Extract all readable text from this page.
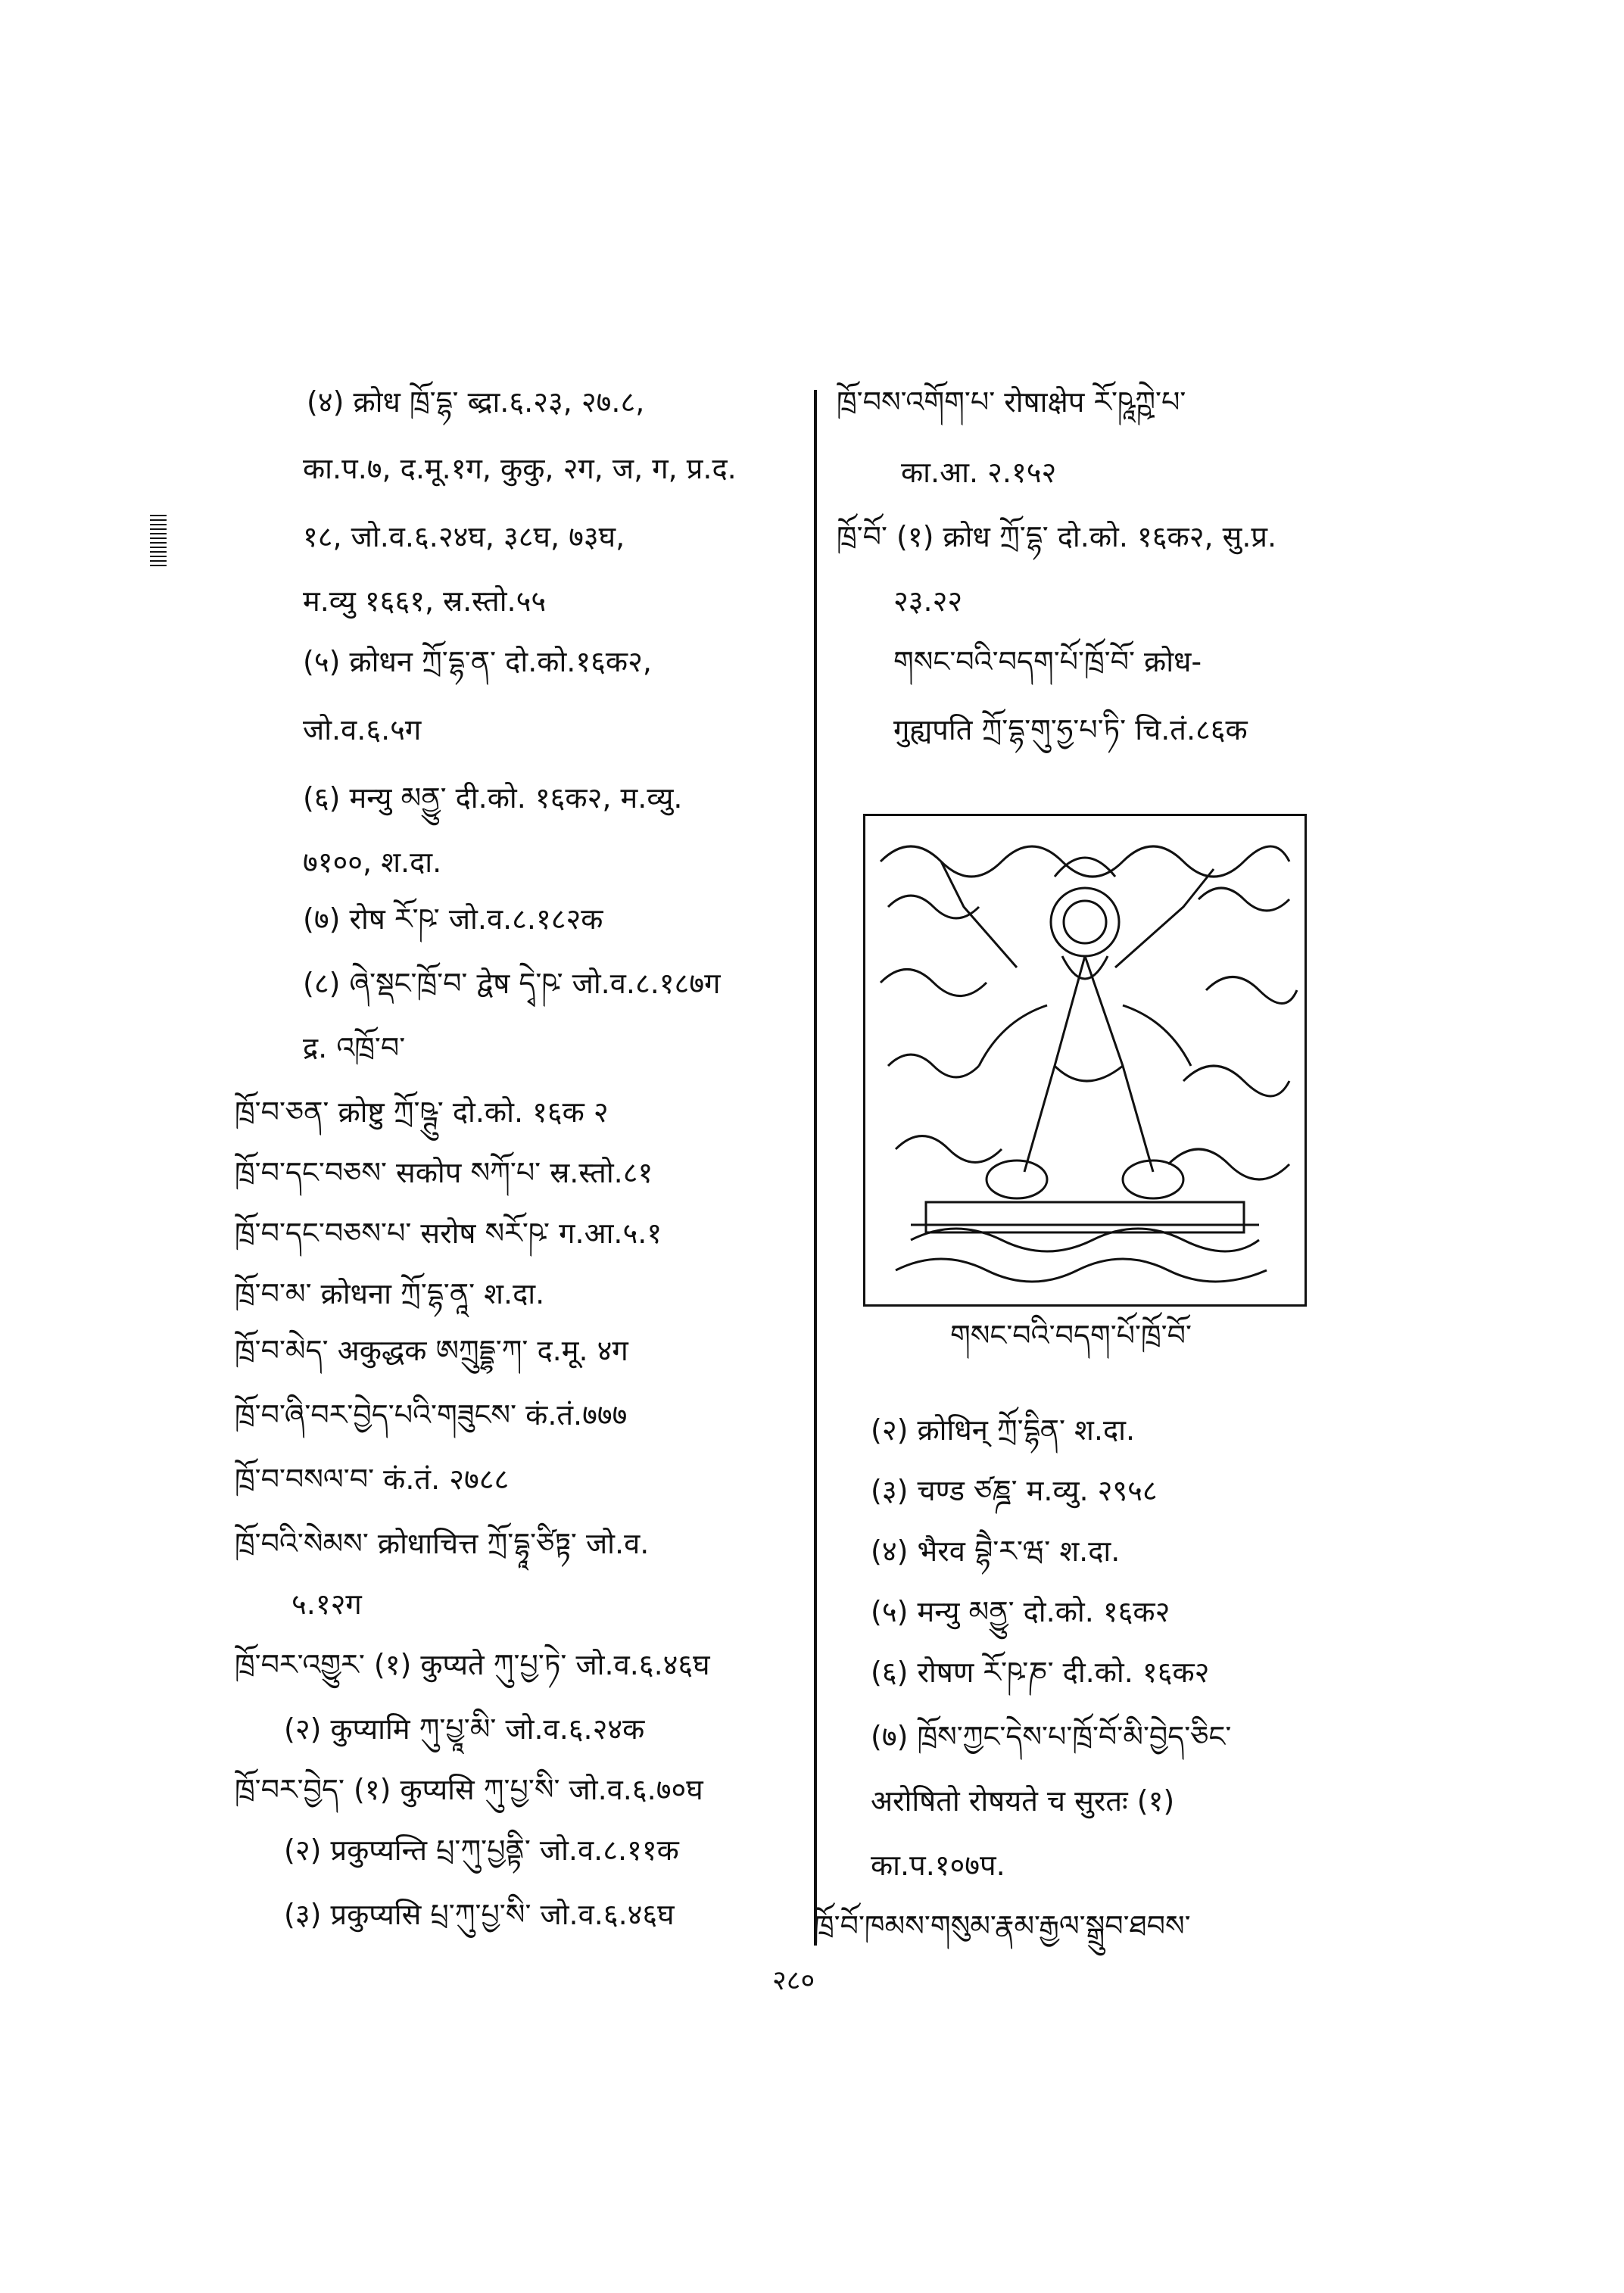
(४) क्रोध ཁྲོ་དྷ་ ब्द्रा.६.२३, २७.८,
का.प.७, द.मू.१ग, कुकु, २ग, ज, ग, प्र.द.
१८, जो.व.६.२४घ, ३८घ, ७३घ,
म.व्यु १६६१, स्र.स्तो.५५
(५) क्रोधन ཀྲོ་དྷ་ན་ दो.को.१६क२,
जो.व.६.५ग
(६) मन्यु མནྱུ་ दी.को. १६क२, म.व्यु.
७१००, श.दा.
(७) रोष རོ་ཥ་ जो.व.८.१८२क
(८) ཞེ་སྡང་ཁྲོ་བ་ द्वेष དྭེ་ཥ་ जो.व.८.१८७ग
द्र. འཁྲོ་བ་
ཁྲོ་བ་ཅན་ क्रोष्टु ཀྲོ་ཥྚུ་ दो.को. १६क २
ཁྲོ་བ་དང་བཅས་ सकोप སཀོ་པ་ स्र.स्तो.८१
ཁྲོ་བ་དང་བཅས་པ་ सरोष སརོ་ཥ་ ग.आ.५.१
ཁྲོ་བ་མ་ क्रोधना ཀྲོ་དྷ་ནཱ་ श.दा.
ཁྲོ་བ་མེད་ अकुद्धक ཨཀྲུདྡྷ་ཀ་ द.मू. ४ग
ཁྲོ་བ་ཞི་བར་བྱེད་པའི་གཟུངས་ कं.तं.७७७
ཁྲོ་བ་བསལ་བ་ कं.तं. २७८८
ཁྲོ་བའི་སེམས་ क्रोधाचित्त ཀྲོ་དྷཱ་ཙིཏྟ་ जो.व.
५.१२ग
ཁྲོ་བར་འགྱུར་ (१) कुप्यते ཀུ་པྱ་ཏེ་ जो.व.६.४६घ
(२) कुप्यामि ཀུ་པྱཱ་མི་ जो.व.६.२४क
ཁྲོ་བར་བྱེད་ (१) कुप्यसि ཀུ་པྱ་སི་ जो.व.६.७०घ
(२) प्रकुप्यन्ति པྲ་ཀུ་པྱནྟི་ जो.व.८.११क
(३) प्रकुप्यसि པྲ་ཀུ་པྱ་སི་ जो.व.६.४६घ
ཁྲོ་བས་འགོག་པ་ रोषाक्षेप རོ་ཥཱཀྵེ་པ་
का.आ. २.१५२
ཁྲོ་བོ་ (१) क्रोध ཀྲོ་དྷ་ दो.को. १६क२, सु.प्र.
२३.२२
གསང་བའི་བདག་པོ་ཁྲོ་བོ་ क्रोध-
गुह्यपति ཀྲོ་དྷ་གུ་ཧྱ་པ་ཏི་ चि.तं.८६क
གསང་བའི་བདག་པོ་ཁྲོ་བོ་
(२) क्रोधिन् ཀྲོ་དྷིན་ श.दा.
(३) चण्ड ཙཎྜ་ म.व्यु. २९५८
(४) भैरव བྷཻ་ར་ཝ་ श.दा.
(५) मन्यु མནྱུ་ दो.को. १६क२
(६) रोषण རོ་ཥ་ཎ་ दी.को. १६क२
(७) ཁྲོས་ཀྱང་དེས་པ་ཁྲོ་བོ་མི་བྱེད་ཅིང་
अरोषितो रोषयते च सुरतः (१)
का.प.१०७प.
ཁྲོ་བོ་ཁམས་གསུམ་རྣམ་རྒྱལ་སྒྲུབ་ཐབས་
२८०
